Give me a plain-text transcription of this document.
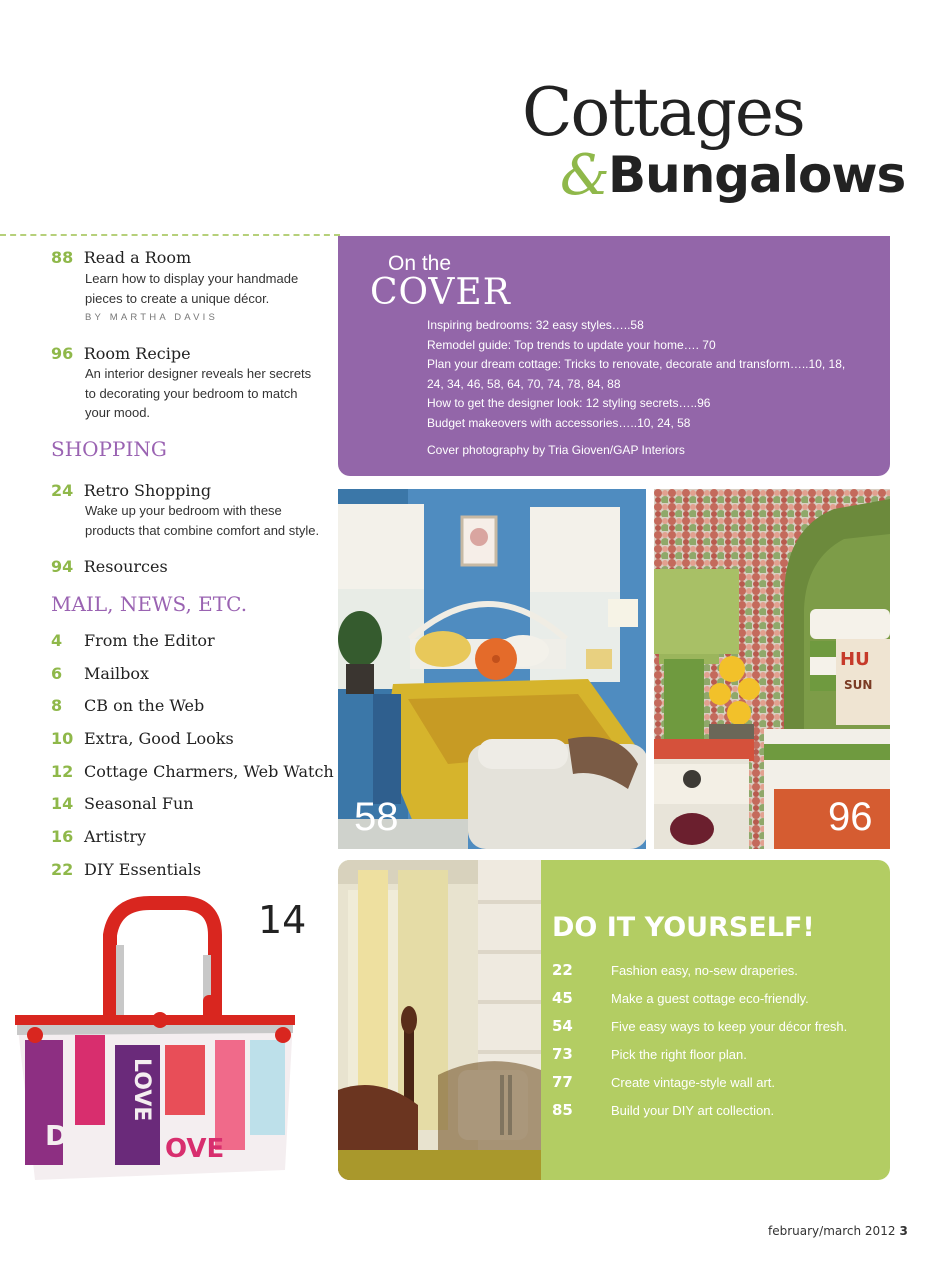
Cottages
&
Bungalows
88 Read a Room
Learn how to display your handmade
pieces to create a unique décor.
BY MARTHA DAVIS
96 Room Recipe
An interior designer reveals her secrets
to decorating your bedroom to match
your mood.
SHOPPING
24 Retro Shopping
Wake up your bedroom with these
products that combine comfort and style.
94 Resources
MAIL, NEWS, ETC.
4 From the Editor
6 Mailbox
8 CB on the Web
10 Extra, Good Looks
12 Cottage Charmers, Web Watch
14 Seasonal Fun
16 Artistry
22 DIY Essentials
On the
COVER
Inspiring bedrooms: 32 easy styles…..58
Remodel guide: Top trends to update your home…. 70
Plan your dream cottage: Tricks to renovate, decorate and transform…..10, 18,
24, 34, 46, 58, 64, 70, 74, 78, 84, 88
How to get the designer look: 12 styling secrets…..96
Budget makeovers with accessories…..10, 24, 58
Cover photography by Tria Gioven/GAP Interiors
58
HU
SUN
96
LOVE
DUP OVE
14	DO IT YOURSELF!
22	Fashion easy, no-sew draperies.
45	Make a guest cottage eco-friendly.
54	Five easy ways to keep your décor fresh.
73	Pick the right floor plan.
77	Create vintage-style wall art.
85	Build your DIY art collection.
february/march 2012 3
